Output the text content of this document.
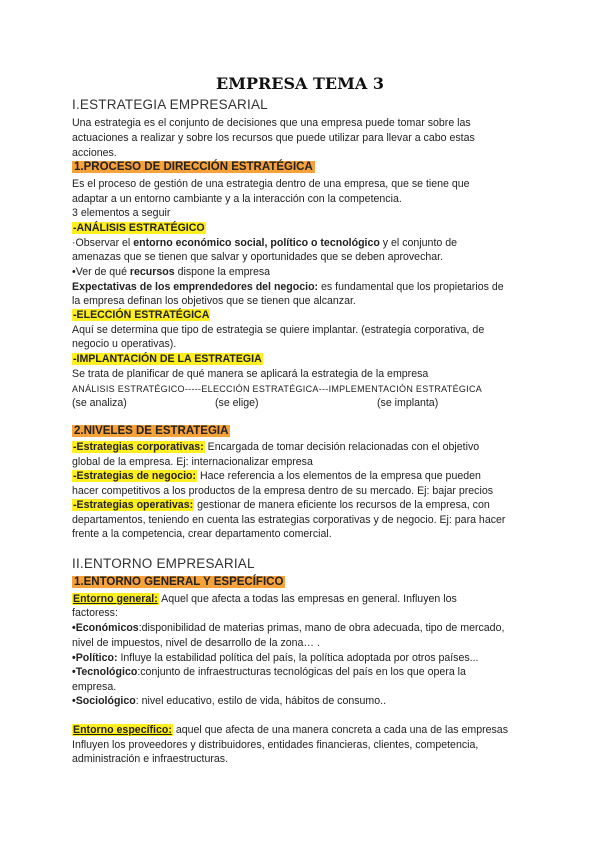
EMPRESA TEMA 3
I.ESTRATEGIA EMPRESARIAL
Una estrategia es el conjunto de decisiones que una empresa puede tomar sobre las
actuaciones a realizar y sobre los recursos que puede utilizar para llevar a cabo estas
acciones.
1.PROCESO DE DIRECCIÓN ESTRATÉGICA
Es el proceso de gestión de una estrategia dentro de una empresa, que se tiene que
adaptar a un entorno cambiante y a la interacción con la competencia.
3 elementos a seguir
-ANÁLISIS ESTRATÉGICO
·Observar el entorno económico social, político o tecnológico y el conjunto de
amenazas que se tienen que salvar y oportunidades que se deben aprovechar.
•Ver de qué recursos dispone la empresa
Expectativas de los emprendedores del negocio: es fundamental que los propietarios de
la empresa definan los objetivos que se tienen que alcanzar.
-ELECCIÓN ESTRATÉGICA
Aquí se determina que tipo de estrategia se quiere implantar. (estrategia corporativa, de
negocio u operativas).
-IMPLANTACIÓN DE LA ESTRATEGIA
Se trata de planificar de qué manera se aplicará la estrategia de la empresa
ANÁLISIS ESTRATÉGICO-----ELECCIÓN ESTRATÉGICA---IMPLEMENTACIÓN ESTRATÉGICA
(se analiza)	(se elige)	(se implanta)
2.NIVELES DE ESTRATEGIA
-Estrategias corporativas: Encargada de tomar decisión relacionadas con el objetivo
global de la empresa. Ej: internacionalizar empresa
-Estrategias de negocio: Hace referencia a los elementos de la empresa que pueden
hacer competitivos a los productos de la empresa dentro de su mercado. Ej: bajar precios
-Estrategias operativas: gestionar de manera eficiente los recursos de la empresa, con
departamentos, teniendo en cuenta las estrategias corporativas y de negocio. Ej: para hacer
frente a la competencia, crear departamento comercial.
II.ENTORNO EMPRESARIAL
1.ENTORNO GENERAL Y ESPECÍFICO
Entorno general: Aquel que afecta a todas las empresas en general. Influyen los
factoress:
•Económicos:disponibilidad de materias primas, mano de obra adecuada, tipo de mercado,
nivel de impuestos, nivel de desarrollo de la zona… .
•Político: Influye la estabilidad política del país, la política adoptada por otros países...
•Tecnológico:conjunto de infraestructuras tecnológicas del país en los que opera la
empresa.
•Sociológico: nivel educativo, estilo de vida, hábitos de consumo..
Entorno específico: aquel que afecta de una manera concreta a cada una de las empresas
Influyen los proveedores y distribuidores, entidades financieras, clientes, competencia,
administración e infraestructuras.
